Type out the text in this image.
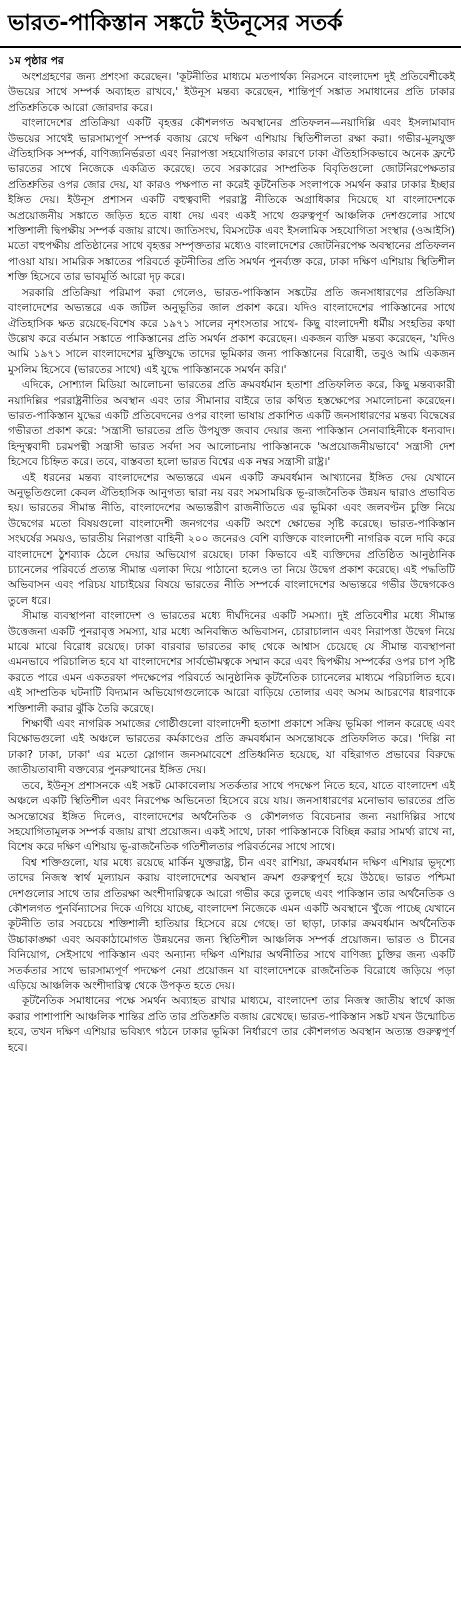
ভারত-পাকিস্তান সঙ্কটে ইউনূসের সতর্ক
১ম পৃষ্ঠার পর

অংশগ্রহণের জন্য প্রশংসা করেছেন। 'কূটনীতির মাধ্যমে মতপার্থক্য নিরসনে বাংলাদেশ দুই প্রতিবেশীকেই উভয়ের সাথে সম্পর্ক অব্যাহত রাখবে,' ইউনূস মন্তব্য করেছেন, শান্তিপূর্ণ সঙ্কাত সমাধানের প্রতি ঢাকার প্রতিশ্রুতিকে আরো জোরদার করে।

বাংলাদেশের প্রতিক্রিয়া একটি বৃহত্তর কৌশলগত অবস্থানের প্রতিফলন—নয়াদিল্লি এবং ইসলামাবাদ উভয়ের সাথেই ভারসাম্যপূর্ণ সম্পর্ক বজায় রেখে দক্ষিণ এশিয়ায় স্থিতিশীলতা রক্ষা করা। গভীর-মূলযুক্ত ঐতিহাসিক সম্পর্ক, বাণিজ্যনির্ভরতা এবং নিরাপত্তা সহযোগিতার কারণে ঢাকা ঐতিহাসিকভাবে অনেক ফ্রন্টে ভারতের সাথে নিজেকে একত্রিত করেছে। তবে সরকারের সাম্প্রতিক বিবৃতিগুলো জোটনিরপেক্ষতার প্রতিশ্রুতির ওপর জোর দেয়, যা কারও পক্ষপাত না করেই কূটনৈতিক সংলাপকে সমর্থন করার ঢাকার ইচ্ছার ইঙ্গিত দেয়। ইউনূস প্রশাসন একটি বহুত্ববাদী পররাষ্ট্র নীতিকে অগ্রাধিকার দিয়েছে যা বাংলাদেশকে অপ্রয়োজনীয় সঙ্কাতে জড়িত হতে বাধা দেয় এবং একই সাথে গুরুত্বপূর্ণ আঞ্চলিক দেশগুলোর সাথে শক্তিশালী দ্বিপক্ষীয় সম্পর্ক বজায় রাখে। জাতিসংঘ, বিমসটেক এবং ইসলামিক সহযোগিতা সংস্থার (ওআইসি) মতো বহুপক্ষীয় প্রতিষ্ঠানের সাথে বৃহত্তর সম্পৃক্ততার মধ্যেও বাংলাদেশের জোটনিরপেক্ষ অবস্থানের প্রতিফলন পাওয়া যায়। সামরিক সঙ্কাতের পরিবর্তে কূটনীতির প্রতি সমর্থন পুনর্ব্যক্ত করে, ঢাকা দক্ষিণ এশিয়ায় স্থিতিশীল শক্তি হিসেবে তার ভাবমূর্তি আরো দৃঢ় করে।

সরকারি প্রতিক্রিয়া পরিমাপ করা গেলেও, ভারত-পাকিস্তান সঙ্কটের প্রতি জনসাধারণের প্রতিক্রিয়া বাংলাদেশের অভ্যন্তরে এক জটিল অনুভূতির জাল প্রকাশ করে। যদিও বাংলাদেশের পাকিস্তানের সাথে ঐতিহাসিক ক্ষত রয়েছে-বিশেষ করে ১৯৭১ সালের নৃশংসতার সাথে- কিছু বাংলাদেশী ধর্মীয় সংহতির কথা উল্লেখ করে বর্তমান সঙ্কাতে পাকিস্তানের প্রতি সমর্থন প্রকাশ করেছেন। একজন ব্যক্তি মন্তব্য করেছেন, 'যদিও আমি ১৯৭১ সালে বাংলাদেশের মুক্তিযুদ্ধে তাদের ভূমিকার জন্য পাকিস্তানের বিরোধী, তবুও আমি একজন মুসলিম হিসেবে (ভারতের সাথে) এই যুদ্ধে পাকিস্তানকে সমর্থন করি।'

এদিকে, সোশ্যাল মিডিয়া আলোচনা ভারতের প্রতি ক্রমবর্ধমান হতাশা প্রতিফলিত করে, কিছু মন্তব্যকারী নয়াদিল্লির পররাষ্ট্রনীতির অবস্থান এবং তার সীমানার বাইরে তার কথিত হস্তক্ষেপের সমালোচনা করেছেন। ভারত-পাকিস্তান যুদ্ধের একটি প্রতিবেদনের ওপর বাংলা ভাষায় প্রকাশিত একটি জনসাধারণের মন্তব্য বিদ্বেষের গভীরতা প্রকাশ করে: 'সন্ত্রাসী ভারতের প্রতি উপযুক্ত জবাব দেয়ার জন্য পাকিস্তান সেনাবাহিনীকে ধন্যবাদ। হিন্দুত্ববাদী চরমপন্থী সন্ত্রাসী ভারত সর্বদা সব আলোচনায় পাকিস্তানকে 'অপ্রয়োজনীয়ভাবে' সন্ত্রাসী দেশ হিসেবে চিহ্নিত করে। তবে, বাস্তবতা হলো ভারত বিশ্বের এক নম্বর সন্ত্রাসী রাষ্ট্র।'

এই ধরনের মন্তব্য বাংলাদেশের অভ্যন্তরে এমন একটি ক্রমবর্ধমান আখ্যানের ইঙ্গিত দেয় যেখানে অনুভূতিগুলো কেবল ঐতিহাসিক আনুগত্য দ্বারা নয় বরং সমসাময়িক ভূ-রাজনৈতিক উন্নয়ন দ্বারাও প্রভাবিত হয়। ভারতের সীমান্ত নীতি, বাংলাদেশের অভ্যন্তরীণ রাজনীতিতে এর ভূমিকা এবং জলবণ্টন চুক্তি নিয়ে উদ্বেগের মতো বিষয়গুলো বাংলাদেশী জনগণের একটি অংশে ক্ষোভের সৃষ্টি করেছে। ভারত-পাকিস্তান সংঘর্ষের সময়ও, ভারতীয় নিরাপত্তা বাহিনী ২০০ জনেরও বেশি ব্যক্তিকে বাংলাদেশী নাগরিক বলে দাবি করে বাংলাদেশে ঠুশব্যাক ঠেলে দেয়ার অভিযোগ রয়েছে। ঢাকা কিভাবে এই ব্যক্তিদের প্রতিষ্ঠিত আনুষ্ঠানিক চ্যানেলের পরিবর্তে প্রত্যন্ত সীমান্ত এলাকা দিয়ে পাঠানো হলেও তা নিয়ে উদ্বেগ প্রকাশ করেছে। এই পদ্ধতিটি অভিবাসন এবং পরিচয় যাচাইয়ের বিষয়ে ভারতের নীতি সম্পর্কে বাংলাদেশের অভ্যন্তরে গভীর উদ্বেগকেও তুলে ধরে।

সীমান্ত ব্যবস্থাপনা বাংলাদেশ ও ভারতের মধ্যে দীর্ঘদিনের একটি সমস্যা। দুই প্রতিবেশীর মধ্যে সীমান্ত উত্তেজনা একটি পুনরাবৃত্ত সমস্যা, যার মধ্যে অনিবন্ধিত অভিবাসন, চোরাচালান এবং নিরাপত্তা উদ্বেগ নিয়ে মাঝে মাঝে বিরোধ রয়েছে। ঢাকা বারবার ভারতের কাছ থেকে আশ্বাস চেয়েছে যে সীমান্ত ব্যবস্থাপনা এমনভাবে পরিচালিত হবে যা বাংলাদেশের সার্বভৌমত্বকে সম্মান করে এবং দ্বিপক্ষীয় সম্পর্কের ওপর চাপ সৃষ্টি করতে পারে এমন একতরফা পদক্ষেপের পরিবর্তে আনুষ্ঠানিক কূটনৈতিক চ্যানেলের মাধ্যমে পরিচালিত হবে। এই সাম্প্রতিক ঘটনাটি বিদ্যমান অভিযোগগুলোকে আরো বাড়িয়ে তোলার এবং অসম আচরণের ধারণাকে শক্তিশালী করার ঝুঁকি তৈরি করেছে।

শিক্ষার্থী এবং নাগরিক সমাজের গোষ্ঠীগুলো বাংলাদেশী হতাশা প্রকাশে সক্রিয় ভূমিকা পালন করেছে এবং বিক্ষোভগুলো এই অঞ্চলে ভারতের কর্মকাণ্ডের প্রতি ক্রমবর্ধমান অসন্তোষকে প্রতিফলিত করে। 'দিল্লি না ঢাকা? ঢাকা, ঢাকা' এর মতো স্লোগান জনসমাবেশে প্রতিধ্বনিত হয়েছে, যা বহিরাগত প্রভাবের বিরুদ্ধে জাতীয়তাবাদী বক্তব্যের পুনরুত্থানের ইঙ্গিত দেয়।

তবে, ইউনূস প্রশাসনকে এই সঙ্কট মোকাবেলায় সতর্কতার সাথে পদক্ষেপ নিতে হবে, যাতে বাংলাদেশ এই অঞ্চলে একটি স্থিতিশীল এবং নিরপেক্ষ অভিনেতা হিসেবে রয়ে যায়। জনসাধারণের মনোভাব ভারতের প্রতি অসন্তোষের ইঙ্গিত দিলেও, বাংলাদেশের অর্থনৈতিক ও কৌশলগত বিবেচনার জন্য নয়াদিল্লির সাথে সহযোগিতামূলক সম্পর্ক বজায় রাখা প্রয়োজন। একই সাথে, ঢাকা পাকিস্তানকে বিচ্ছিন্ন করার সামর্থ্য রাখে না, বিশেষ করে দক্ষিণ এশিয়ায় ভূ-রাজনৈতিক গতিশীলতার পরিবর্তনের সাথে সাথে।

বিশ্ব শক্তিগুলো, যার মধ্যে রয়েছে মার্কিন যুক্তরাষ্ট্র, চীন এবং রাশিয়া, ক্রমবর্ধমান দক্ষিণ এশিয়ার ভূদৃশ্যে তাদের নিজস্ব স্বার্থ মূল্যায়ন করায় বাংলাদেশের অবস্থান ক্রমশ গুরুত্বপূর্ণ হয়ে উঠছে। ভারত পশ্চিমা দেশগুলোর সাথে তার প্রতিরক্ষা অংশীদারিত্বকে আরো গভীর করে তুলছে এবং পাকিস্তান তার অর্থনৈতিক ও কৌশলগত পুনর্বিন্যাসের দিকে এগিয়ে যাচ্ছে, বাংলাদেশ নিজেকে এমন একটি অবস্থানে খুঁজে পাচ্ছে যেখানে কূটনীতি তার সবচেয়ে শক্তিশালী হাতিয়ার হিসেবে রয়ে গেছে। তা ছাড়া, ঢাকার ক্রমবর্ধমান অর্থনৈতিক উচ্চাকাঙ্ক্ষা এবং অবকাঠামোগত উন্নয়নের জন্য স্থিতিশীল আঞ্চলিক সম্পর্ক প্রয়োজন। ভারত ও চীনের বিনিয়োগ, সেইসাথে পাকিস্তান এবং অন্যান্য দক্ষিণ এশিয়ার অর্থনীতির সাথে বাণিজ্য চুক্তির জন্য একটি সতর্কতার সাথে ভারসাম্যপূর্ণ পদক্ষেপ নেয়া প্রয়োজন যা বাংলাদেশকে রাজনৈতিক বিরোধে জড়িয়ে পড়া এড়িয়ে আঞ্চলিক অংশীদারিত্ব থেকে উপকৃত হতে দেয়।

কূটনৈতিক সমাধানের পক্ষে সমর্থন অব্যাহত রাখার মাধ্যমে, বাংলাদেশ তার নিজস্ব জাতীয় স্বার্থে কাজ করার পাশাপাশি আঞ্চলিক শান্তির প্রতি তার প্রতিশ্রুতি বজায় রেখেছে। ভারত-পাকিস্তান সঙ্কট যখন উন্মোচিত হবে, তখন দক্ষিণ এশিয়ার ভবিষ্যৎ গঠনে ঢাকার ভূমিকা নির্ধারণে তার কৌশলগত অবস্থান অত্যন্ত গুরুত্বপূর্ণ হবে।
